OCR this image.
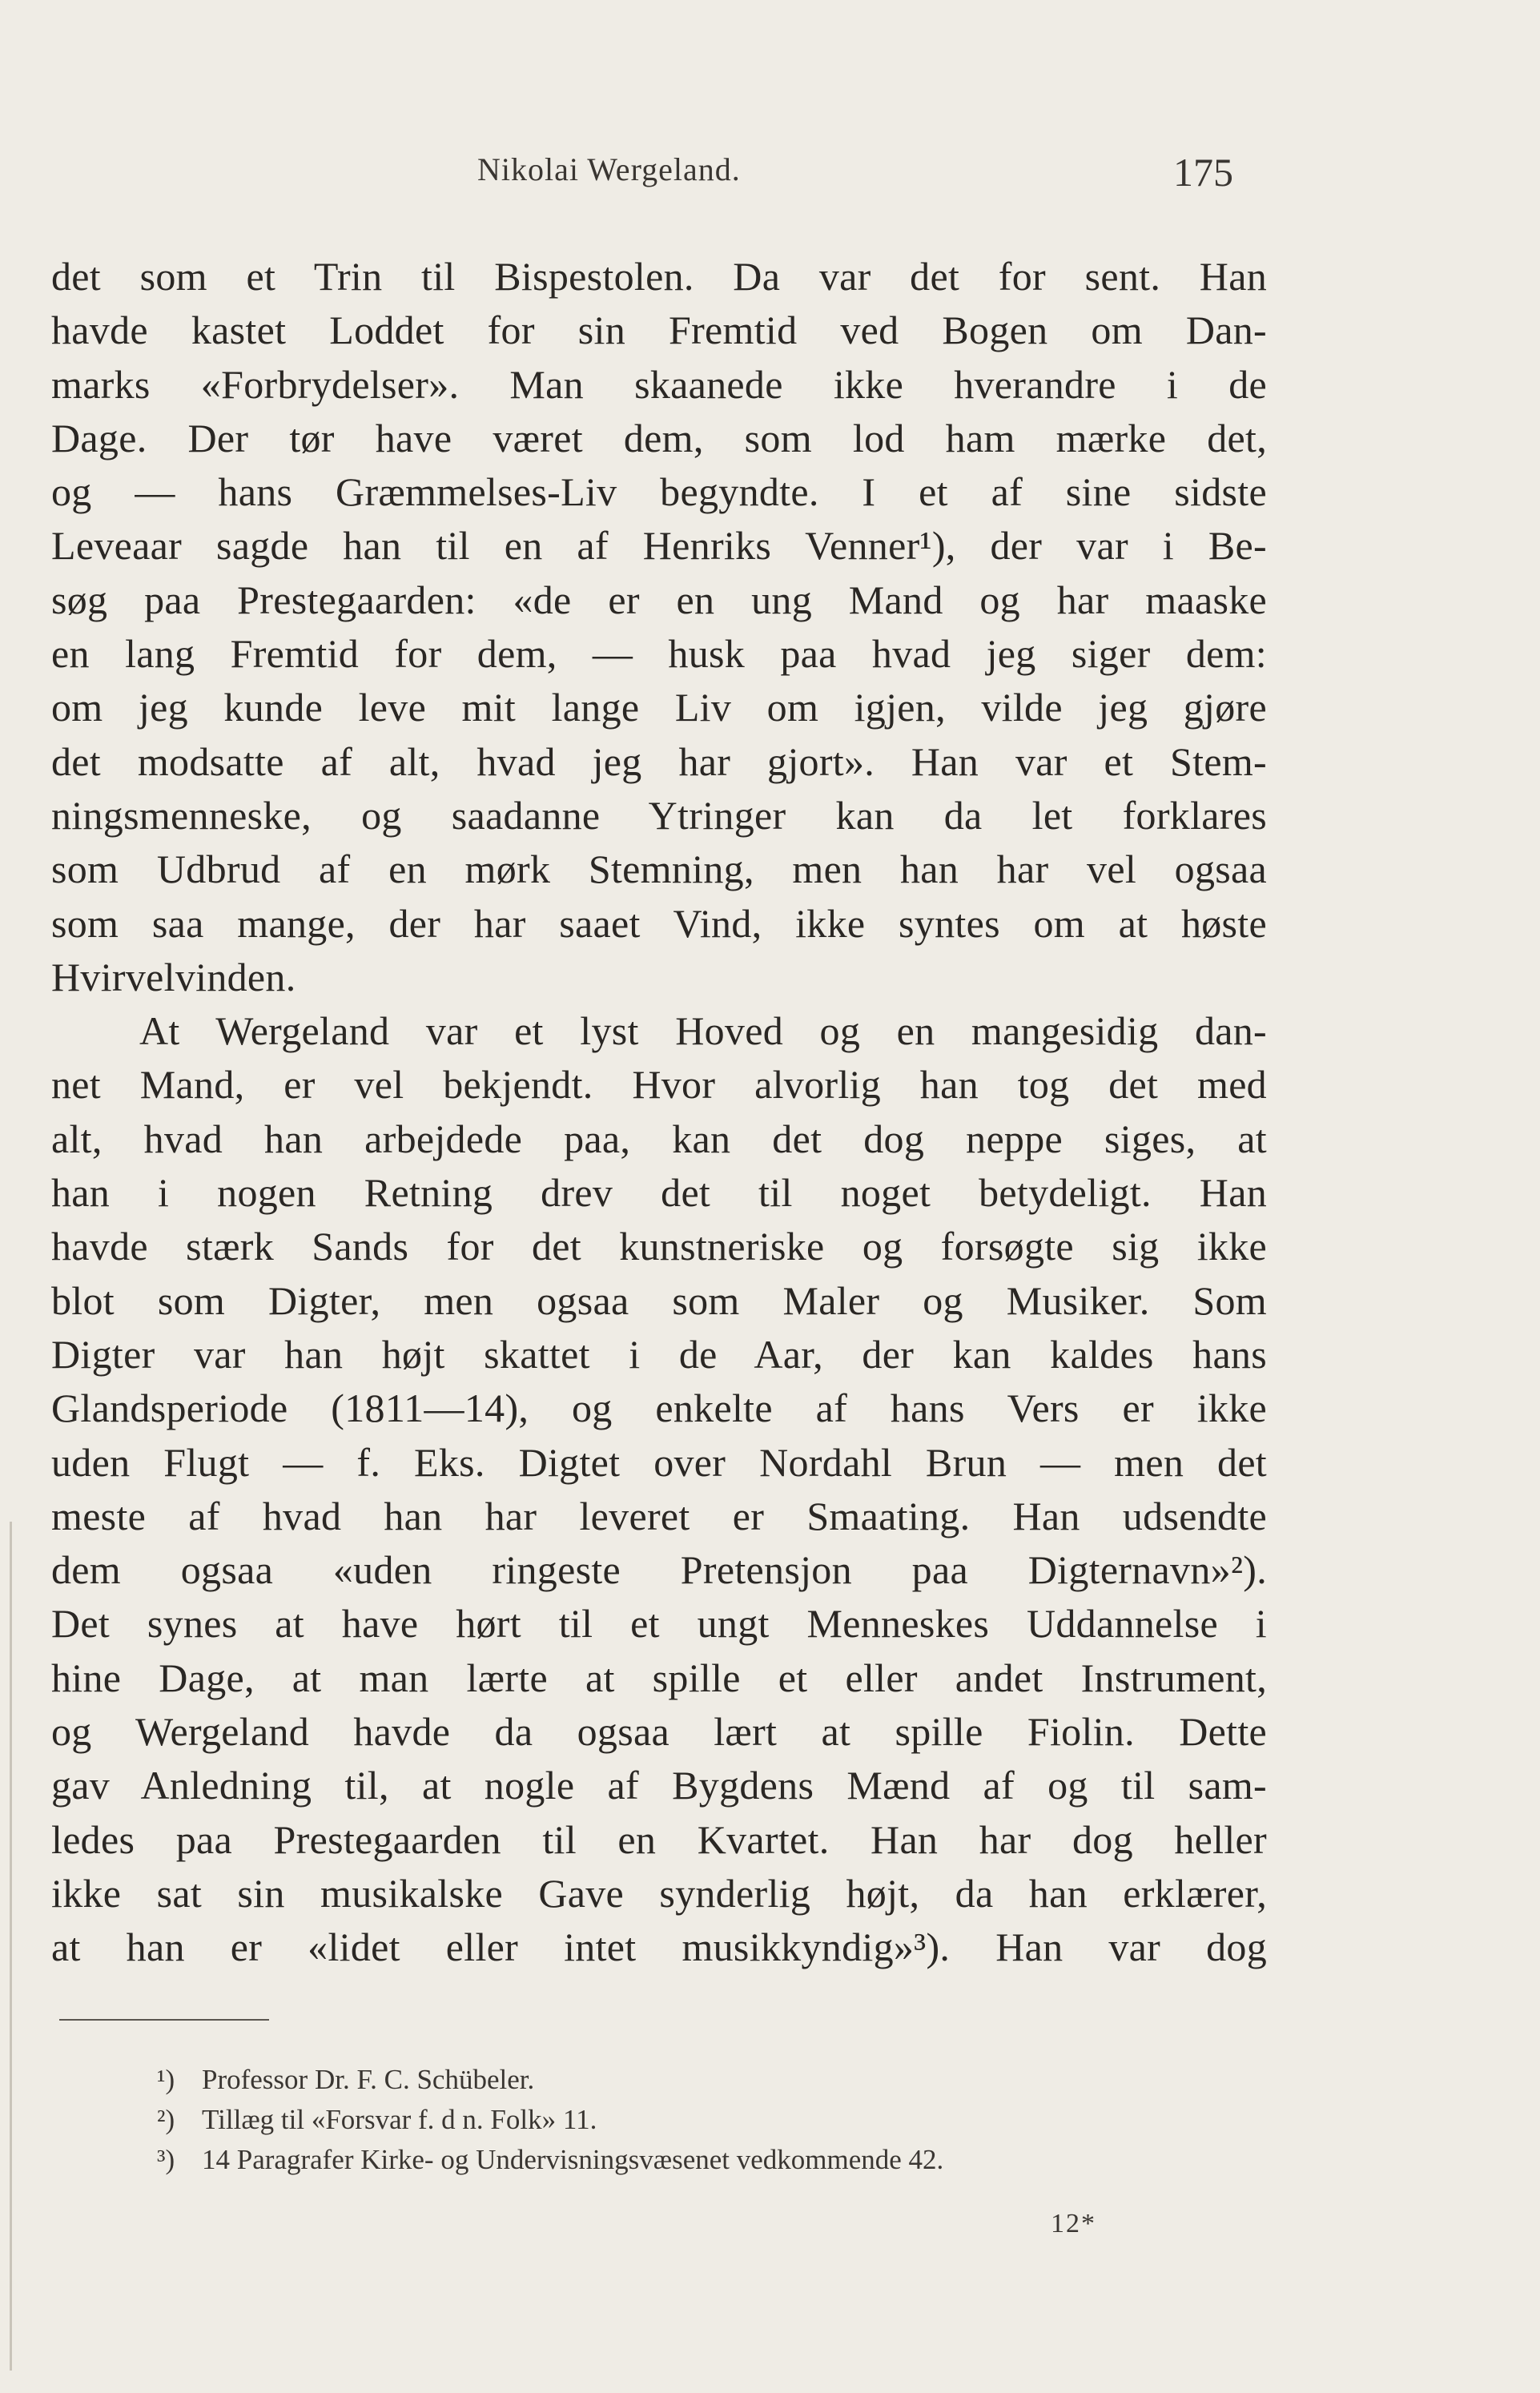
Nikolai Wergeland.	175
det som et Trin til Bispestolen. Da var det for sent. Han
havde kastet Loddet for sin Fremtid ved Bogen om Dan-
marks «Forbrydelser». Man skaanede ikke hverandre i de
Dage. Der tør have været dem, som lod ham mærke det,
og — hans Græmmelses-Liv begyndte. I et af sine sidste
Leveaar sagde han til en af Henriks Venner¹), der var i Be-
søg paa Prestegaarden: «de er en ung Mand og har maaske
en lang Fremtid for dem, — husk paa hvad jeg siger dem:
om jeg kunde leve mit lange Liv om igjen, vilde jeg gjøre
det modsatte af alt, hvad jeg har gjort». Han var et Stem-
ningsmenneske, og saadanne Ytringer kan da let forklares
som Udbrud af en mørk Stemning, men han har vel ogsaa
som saa mange, der har saaet Vind, ikke syntes om at høste
Hvirvelvinden.
At Wergeland var et lyst Hoved og en mangesidig dan-
net Mand, er vel bekjendt. Hvor alvorlig han tog det med
alt, hvad han arbejdede paa, kan det dog neppe siges, at
han i nogen Retning drev det til noget betydeligt. Han
havde stærk Sands for det kunstneriske og forsøgte sig ikke
blot som Digter, men ogsaa som Maler og Musiker. Som
Digter var han højt skattet i de Aar, der kan kaldes hans
Glandsperiode (1811—14), og enkelte af hans Vers er ikke
uden Flugt — f. Eks. Digtet over Nordahl Brun — men det
meste af hvad han har leveret er Smaating. Han udsendte
dem ogsaa «uden ringeste Pretensjon paa Digternavn»²).
Det synes at have hørt til et ungt Menneskes Uddannelse i
hine Dage, at man lærte at spille et eller andet Instrument,
og Wergeland havde da ogsaa lært at spille Fiolin. Dette
gav Anledning til, at nogle af Bygdens Mænd af og til sam-
ledes paa Prestegaarden til en Kvartet. Han har dog heller
ikke sat sin musikalske Gave synderlig højt, da han erklærer,
at han er «lidet eller intet musikkyndig»³). Han var dog
¹) Professor Dr. F. C. Schübeler.
²) Tillæg til «Forsvar f. d n. Folk» 11.
³) 14 Paragrafer Kirke- og Undervisningsvæsenet vedkommende 42.
12*
